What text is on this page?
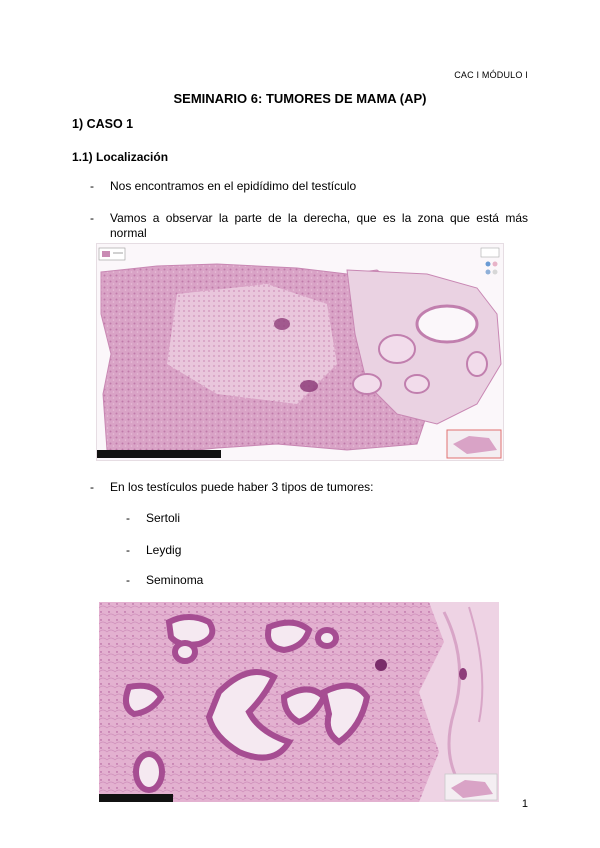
CAC I MÓDULO I
SEMINARIO 6: TUMORES DE MAMA (AP)
1) CASO 1
1.1) Localización
- Nos encontramos en el epidídimo del testículo
- Vamos a observar la parte de la derecha, que es la zona que está más
normal
- En los testículos puede haber 3 tipos de tumores:
- Sertoli
- Leydig
- Seminoma
1
